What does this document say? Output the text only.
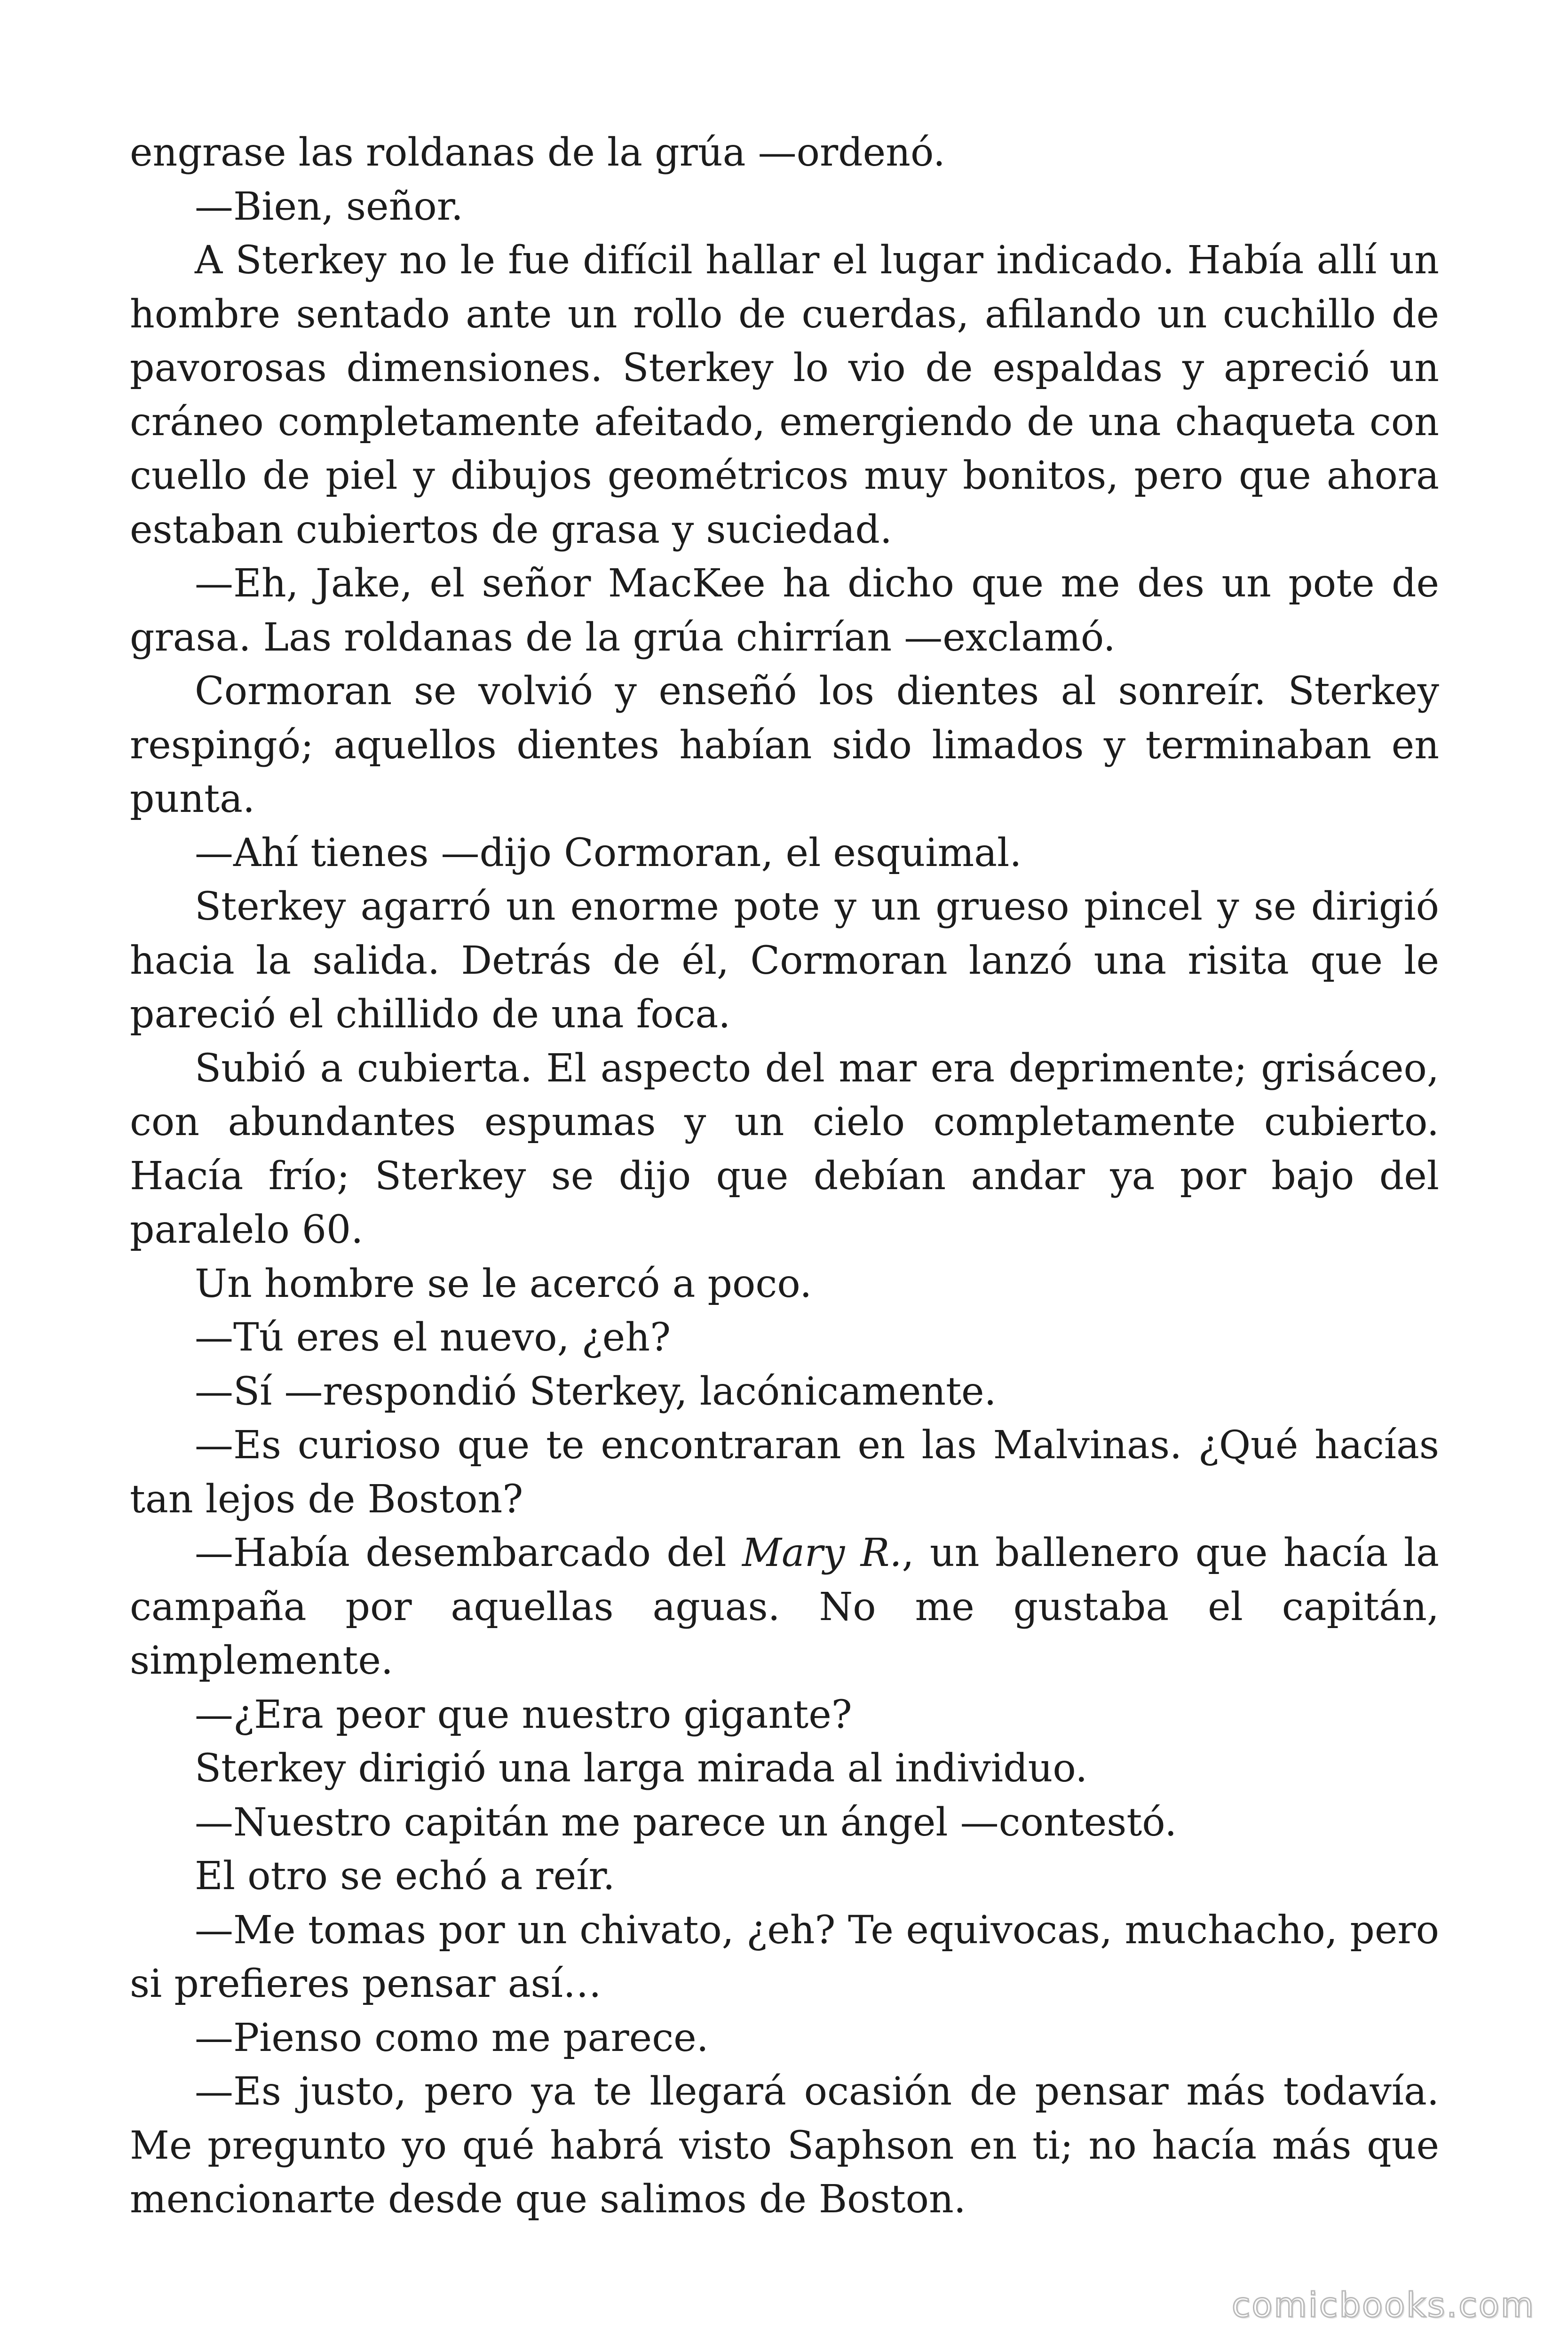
engrase las roldanas de la grúa —ordenó.

—Bien, señor.

A Sterkey no le fue difícil hallar el lugar indicado. Había allí un hombre sentado ante un rollo de cuerdas, afilando un cuchillo de pavorosas dimensiones. Sterkey lo vio de espaldas y apreció un cráneo completamente afeitado, emergiendo de una chaqueta con cuello de piel y dibujos geométricos muy bonitos, pero que ahora estaban cubiertos de grasa y suciedad.

—Eh, Jake, el señor MacKee ha dicho que me des un pote de grasa. Las roldanas de la grúa chirrían —exclamó.

Cormoran se volvió y enseñó los dientes al sonreír. Sterkey respingó; aquellos dientes habían sido limados y terminaban en punta.

—Ahí tienes —dijo Cormoran, el esquimal.

Sterkey agarró un enorme pote y un grueso pincel y se dirigió hacia la salida. Detrás de él, Cormoran lanzó una risita que le pareció el chillido de una foca.

Subió a cubierta. El aspecto del mar era deprimente; grisáceo, con abundantes espumas y un cielo completamente cubierto. Hacía frío; Sterkey se dijo que debían andar ya por bajo del paralelo 60.

Un hombre se le acercó a poco.

—Tú eres el nuevo, ¿eh?

—Sí —respondió Sterkey, lacónicamente.

—Es curioso que te encontraran en las Malvinas. ¿Qué hacías tan lejos de Boston?

—Había desembarcado del Mary R., un ballenero que hacía la campaña por aquellas aguas. No me gustaba el capitán, simplemente.

—¿Era peor que nuestro gigante?

Sterkey dirigió una larga mirada al individuo.

—Nuestro capitán me parece un ángel —contestó.

El otro se echó a reír.

—Me tomas por un chivato, ¿eh? Te equivocas, muchacho, pero si prefieres pensar así…

—Pienso como me parece.

—Es justo, pero ya te llegará ocasión de pensar más todavía. Me pregunto yo qué habrá visto Saphson en ti; no hacía más que mencionarte desde que salimos de Boston.

comicbooks.com
